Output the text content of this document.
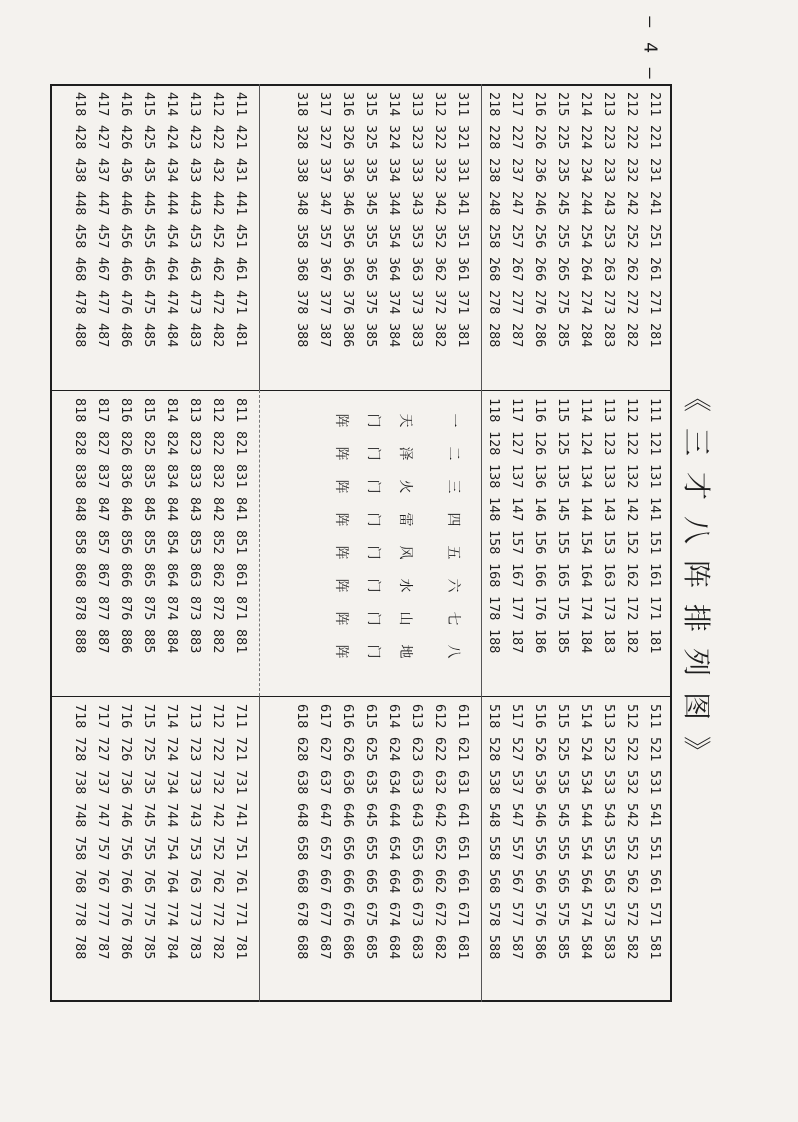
— 4 —
《三才八阵排列图》
211
221
231
241
251
261
271
281
212
222
232
242
252
262
272
282
213
223
233
243
253
263
273
283
214
224
234
244
254
264
274
284
215
225
235
245
255
265
275
285
216
226
236
246
256
266
276
286
217
227
237
247
257
267
277
287
218
228
238
248
258
268
278
288
311
321
331
341
351
361
371
381
312
322
332
342
352
362
372
382
313
323
333
343
353
363
373
383
314
324
334
344
354
364
374
384
315
325
335
345
355
365
375
385
316
326
336
346
356
366
376
386
317
327
337
347
357
367
377
387
318
328
338
348
358
368
378
388
411
421
431
441
451
461
471
481
412
422
432
442
452
462
472
482
413
423
433
443
453
463
473
483
414
424
434
444
454
464
474
484
415
425
435
445
455
465
475
485
416
426
436
446
456
466
476
486
417
427
437
447
457
467
477
487
418
428
438
448
458
468
478
488
111
121
131
141
151
161
171
181
112
122
132
142
152
162
172
182
113
123
133
143
153
163
173
183
114
124
134
144
154
164
174
184
115
125
135
145
155
165
175
185
116
126
136
146
156
166
176
186
117
127
137
147
157
167
177
187
118
128
138
148
158
168
178
188
一
二
三
四
五
六
七
八
天
泽
火
雷
风
水
山
地
门
门
门
门
门
门
门
门
阵
阵
阵
阵
阵
阵
阵
阵
811
821
831
841
851
861
871
881
812
822
832
842
852
862
872
882
813
823
833
843
853
863
873
883
814
824
834
844
854
864
874
884
815
825
835
845
855
865
875
885
816
826
836
846
856
866
876
886
817
827
837
847
857
867
877
887
818
828
838
848
858
868
878
888
511
521
531
541
551
561
571
581
512
522
532
542
552
562
572
582
513
523
533
543
553
563
573
583
514
524
534
544
554
564
574
584
515
525
535
545
555
565
575
585
516
526
536
546
556
566
576
586
517
527
537
547
557
567
577
587
518
528
538
548
558
568
578
588
611
621
631
641
651
661
671
681
612
622
632
642
652
662
672
682
613
623
633
643
653
663
673
683
614
624
634
644
654
664
674
684
615
625
635
645
655
665
675
685
616
626
636
646
656
666
676
686
617
627
637
647
657
667
677
687
618
628
638
648
658
668
678
688
711
721
731
741
751
761
771
781
712
722
732
742
752
762
772
782
713
723
733
743
753
763
773
783
714
724
734
744
754
764
774
784
715
725
735
745
755
765
775
785
716
726
736
746
756
766
776
786
717
727
737
747
757
767
777
787
718
728
738
748
758
768
778
788
